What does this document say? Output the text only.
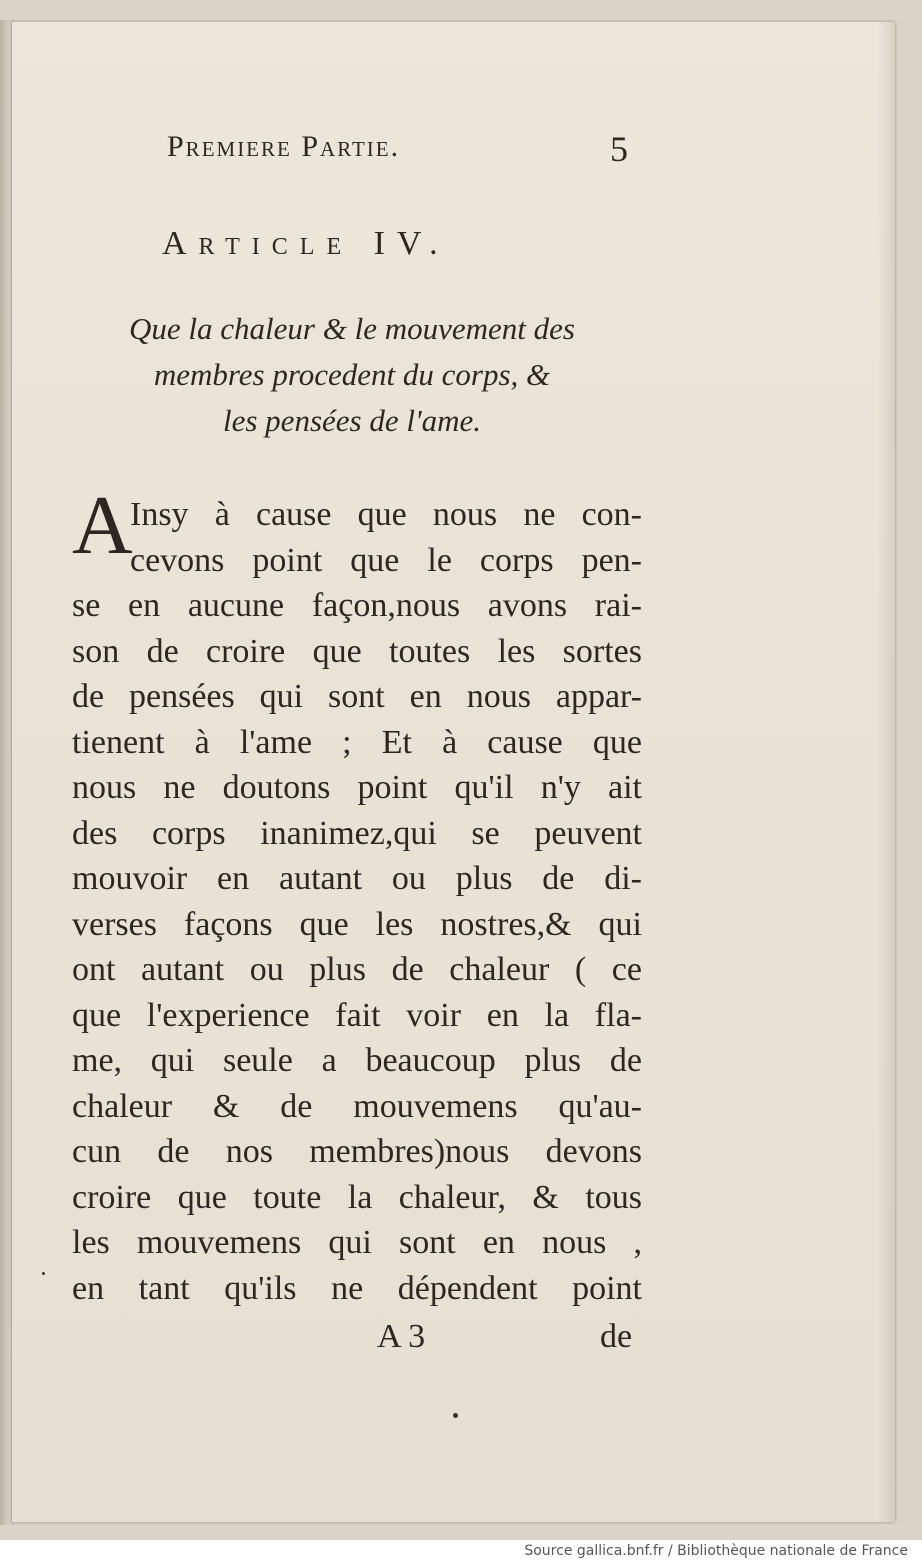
Premiere Partie.	5
Article IV.
Que la chaleur & le mouvement des
membres procedent du corps, &
les pensées de l'ame.
A
Insy à cause que nous ne con-
cevons point que le corps pen-
se en aucune façon,nous avons rai-
son de croire que toutes les sortes
de pensées qui sont en nous appar-
tienent à l'ame ; Et à cause que
nous ne doutons point qu'il n'y ait
des corps inanimez,qui se peuvent
mouvoir en autant ou plus de di-
verses façons que les nostres,& qui
ont autant ou plus de chaleur ( ce
que l'experience fait voir en la fla-
me, qui seule a beaucoup plus de
chaleur & de mouvemens qu'au-
cun de nos membres)nous devons
croire que toute la chaleur, & tous
les mouvemens qui sont en nous ,
en tant qu'ils ne dépendent point
A 3	de
Source gallica.bnf.fr / Bibliothèque nationale de France
